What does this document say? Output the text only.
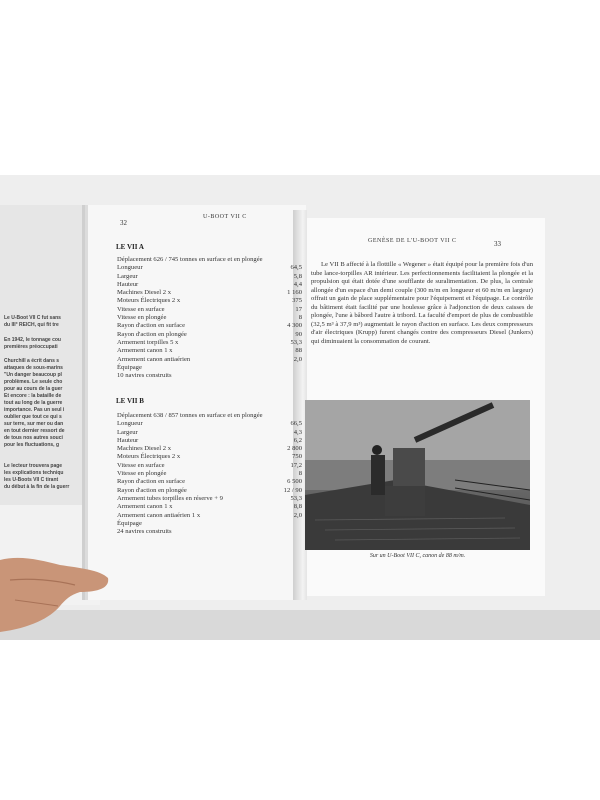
Le U-Boot VII C fut sans
du III° REICH, qui fit tre
En 1942, le tonnage cou
premières préoccupati
Churchill a écrit dans s
attaques de sous-marins
"Un danger beaucoup pl
problèmes. Le seule cho
pour au cours de la guer
Et encore : la bataille de
tout au long de la guerre
importance. Pas un seul i
oublier que tout ce qui s
sur terre, sur mer ou dan
en tout dernier ressort de
de tous nos autres souci
pour les fluctuations, g
Le lecteur trouvera page
les explications techniqu
les U-Boots VII C tirant
du début à la fin de la guerr
32
U-BOOT VII C
LE VII A
Déplacement 626 / 745 tonnes en surface et en plongée
Longueur	64,5
Largeur	5,8
Hauteur	4,4
Machines Diesel 2 x	1 160
Moteurs Électriques 2 x	375
Vitesse en surface	17
Vitesse en plongée	8
Rayon d'action en surface	4 300
Rayon d'action en plongée	90
Armement torpilles 5 x	53,3
Armement canon 1 x	88
Armement canon antiaérien	2,0
Équipage
10 navires construits
LE VII B
Déplacement 638 / 857 tonnes en surface et en plongée
Longueur	66,5
Largeur	4,3
Hauteur	6,2
Machines Diesel 2 x	2 800
Moteurs Électriques 2 x	750
Vitesse en surface	17,2
Vitesse en plongée	8
Rayon d'action en surface	6 500
Rayon d'action en plongée	12 / 90
Armement tubes torpilles en réserve + 9	53,3
Armement canon 1 x	8,8
Armement canon antiaérien 1 x	2,0
Équipage
24 navires construits
GENÈSE DE L'U-BOOT VII C	33

Le VII B affecté à la flottille « Wegener » était équipé pour la première fois d'un tube lance-torpilles AR intérieur. Les perfectionnements facilitaient la plongée et la propulsion qui était dotée d'une soufflante de suralimentation. De plus, la centrale allongée d'un espace d'un demi couple (300 m/m en longueur et 60 m/m en largeur) offrait un gain de place supplémentaire pour l'équipement et l'équipage. Le contrôle du bâtiment était facilité par une houlesse grâce à l'adjonction de deux caisses de plongée, l'une à bâbord l'autre à tribord. La faculté d'emport de plus de combustible (32,5 m³ à 37,9 m³) augmentait le rayon d'action en surface. Les deux compresseurs d'air électriques (Krupp) furent changés contre des compresseurs Diesel (Junkers) qui diminuaient la consommation de courant.

Sur un U-Boot VII C, canon de 88 m/m.
